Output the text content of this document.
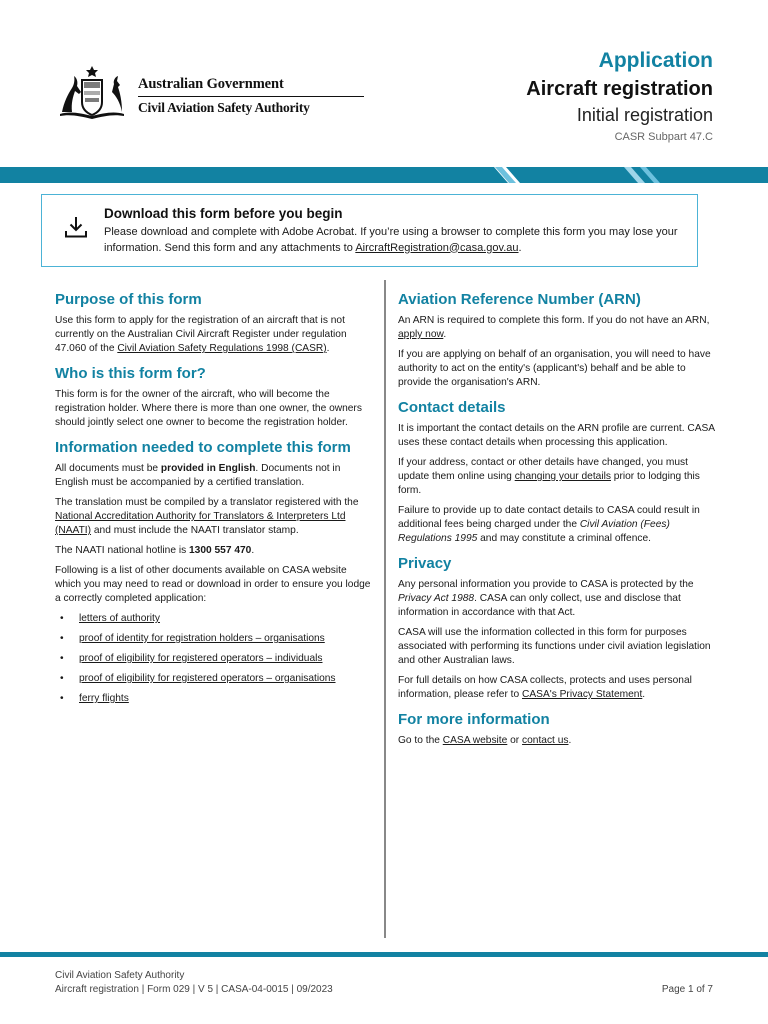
Australian Government
Civil Aviation Safety Authority
Application
Aircraft registration
Initial registration
CASR Subpart 47.C
Download this form before you begin
Please download and complete with Adobe Acrobat. If you’re using a browser to complete this form you may lose your information. Send this form and any attachments to AircraftRegistration@casa.gov.au.
Purpose of this form

Use this form to apply for the registration of an aircraft that is not currently on the Australian Civil Aircraft Register under regulation 47.060 of the Civil Aviation Safety Regulations 1998 (CASR).

Who is this form for?

This form is for the owner of the aircraft, who will become the registration holder. Where there is more than one owner, the owners should jointly select one owner to become the registration holder.

Information needed to complete this form

All documents must be provided in English. Documents not in English must be accompanied by a certified translation.

The translation must be compiled by a translator registered with the National Accreditation Authority for Translators & Interpreters Ltd (NAATI) and must include the NAATI translator stamp.

The NAATI national hotline is 1300 557 470.

Following is a list of other documents available on CASA website which you may need to read or download in order to ensure you lodge a correctly completed application:

• letters of authority
• proof of identity for registration holders – organisations
• proof of eligibility for registered operators – individuals
• proof of eligibility for registered operators – organisations
• ferry flights
Aviation Reference Number (ARN)

An ARN is required to complete this form. If you do not have an ARN, apply now.

If you are applying on behalf of an organisation, you will need to have authority to act on the entity's (applicant's) behalf and be able to provide the organisation's ARN.

Contact details

It is important the contact details on the ARN profile are current. CASA uses these contact details when processing this application.

If your address, contact or other details have changed, you must update them online using changing your details prior to lodging this form.

Failure to provide up to date contact details to CASA could result in additional fees being charged under the Civil Aviation (Fees) Regulations 1995 and may constitute a criminal offence.

Privacy

Any personal information you provide to CASA is protected by the Privacy Act 1988. CASA can only collect, use and disclose that information in accordance with that Act.

CASA will use the information collected in this form for purposes associated with performing its functions under civil aviation legislation and other Australian laws.

For full details on how CASA collects, protects and uses personal information, please refer to CASA's Privacy Statement.

For more information

Go to the CASA website or contact us.

Civil Aviation Safety Authority
Aircraft registration | Form 029 | V 5 | CASA-04-0015 | 09/2023	Page 1 of 7
